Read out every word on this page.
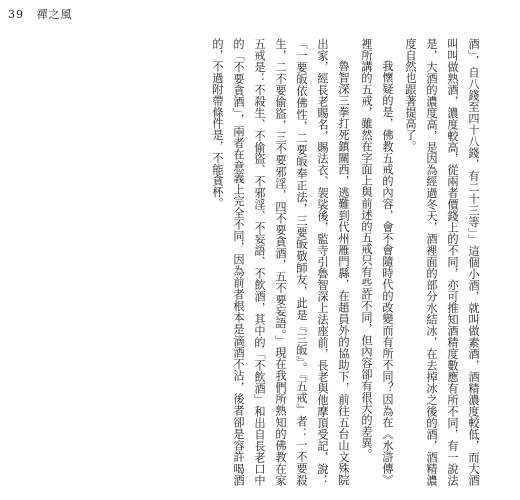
39 禪之風

酒」，自八錢至四十八錢，有二十三等」」這個小酒，就叫做素酒，酒精濃度較低，而大酒叫叫做熟酒，濃度較高，從兩者價錢上的不同，亦可推知酒精度數應有所不同，有一說法是，大酒的濃度高，是因為經過冬天，酒裡面的部分水結冰，在去掉冰之後的酒，酒精濃度自然也跟著提高了。

我懷疑的是，佛教五戒的內容，會不會隨時代的改變而有所不同？因為在《水滸傳》裡所講的五戒，雖然在字面上與前述的五戒只有些許不同，但內容卻有很大的差異。

魯智深三拳打死鎮關西，逃難到代州雁門縣，在趙員外的協助下，前往五台山文殊院出家，經長老賜名，賜法衣、袈裟後，監寺引魯智深上法座前，長老與他摩頂受記，說：「一要皈依佛性，二要皈奉正法，三要皈敬師友，此是『三皈』。『五戒』者：一不要殺生，二不要偷盜，三不要邪淫，四不要貪酒，五不要妄語。」現在我們所熟知的佛教在家五戒是：不殺生、不偷盜、不邪淫、不妄語、不飲酒，其中的「不飲酒」和出自長老口中的「不要貪酒」，兩者在意義上完全不同，因為前者根本是滴酒不沾，後者卻是容許喝酒的，不過附帶條件是，不能貪杯。
